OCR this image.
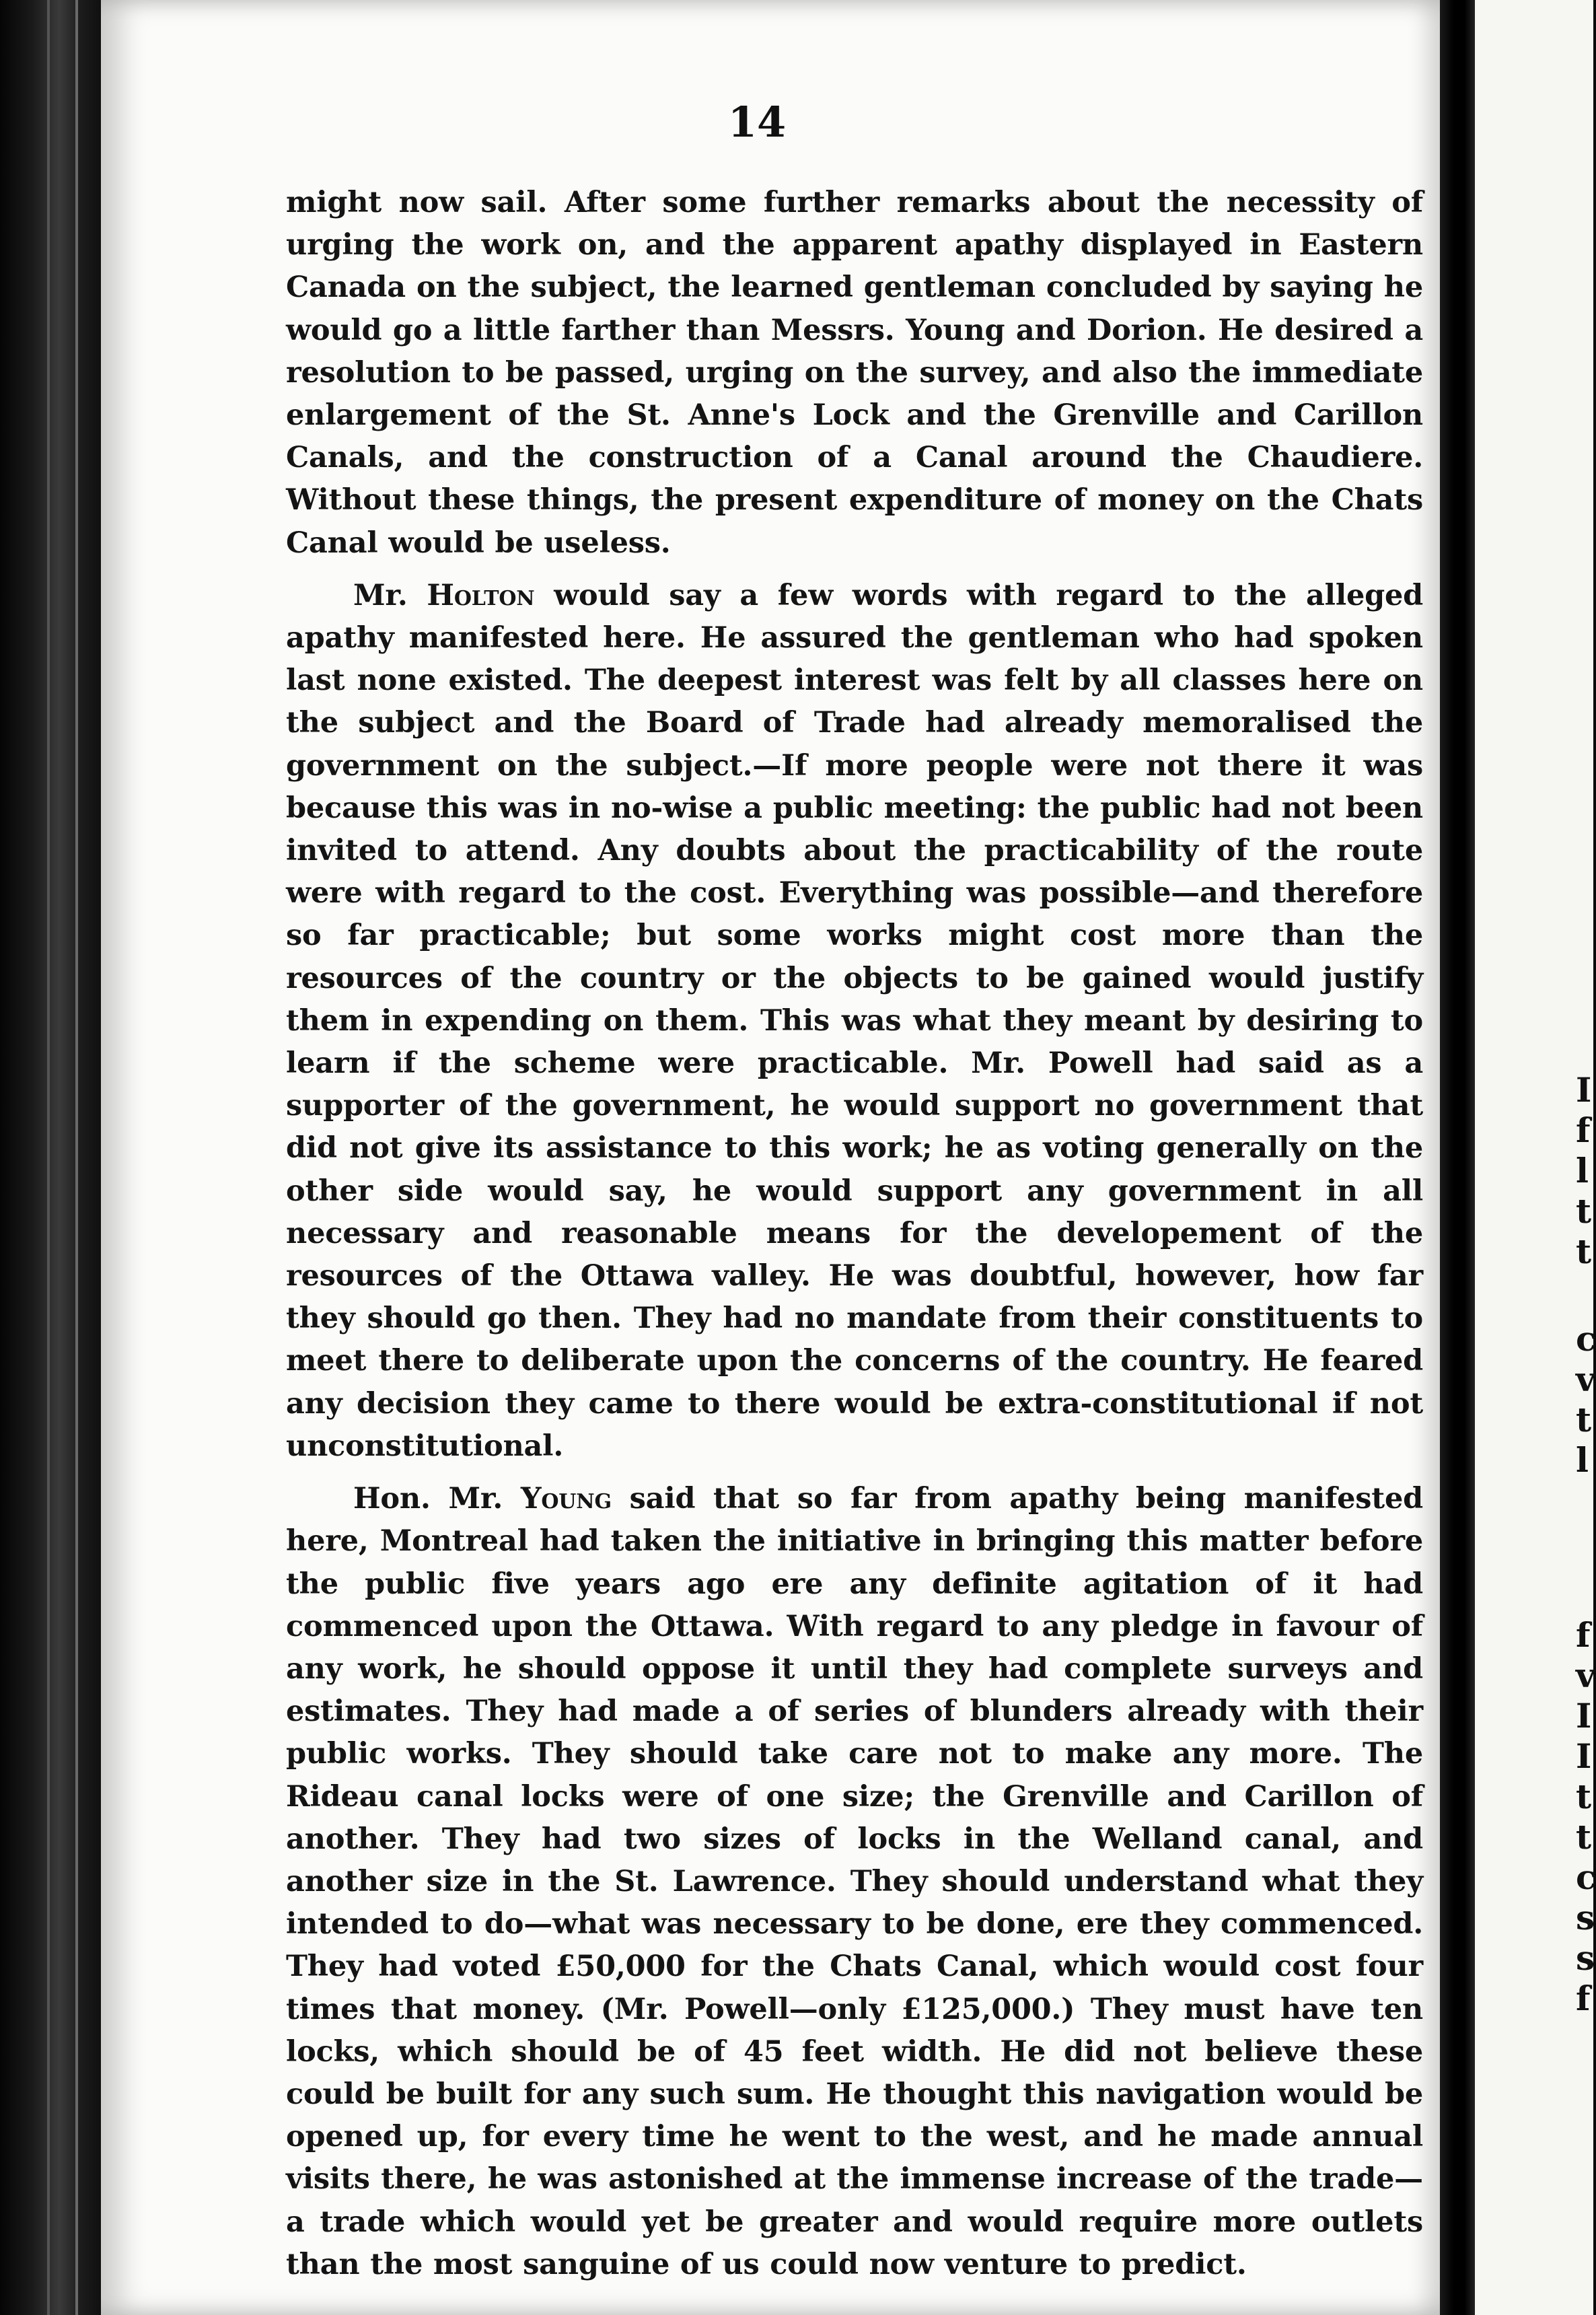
14

might now sail. After some further remarks about the necessity of urging the work on, and the apparent apathy displayed in Eastern Canada on the subject, the learned gentleman concluded by saying he would go a little farther than Messrs. Young and Dorion. He desired a resolution to be passed, urging on the survey, and also the immediate enlargement of the St. Anne's Lock and the Grenville and Carillon Canals, and the construction of a Canal around the Chaudiere. Without these things, the present expenditure of money on the Chats Canal would be useless.

Mr. Holton would say a few words with regard to the alleged apathy manifested here. He assured the gentleman who had spoken last none existed. The deepest interest was felt by all classes here on the subject and the Board of Trade had already memoralised the government on the subject.—If more people were not there it was because this was in no-wise a public meeting: the public had not been invited to attend. Any doubts about the practicability of the route were with regard to the cost. Everything was possible—and therefore so far practicable; but some works might cost more than the resources of the country or the objects to be gained would justify them in expending on them. This was what they meant by desiring to learn if the scheme were practicable. Mr. Powell had said as a supporter of the government, he would support no government that did not give its assistance to this work; he as voting generally on the other side would say, he would support any government in all necessary and reasonable means for the developement of the resources of the Ottawa valley. He was doubtful, however, how far they should go then. They had no mandate from their constituents to meet there to deliberate upon the concerns of the country. He feared any decision they came to there would be extra-constitutional if not unconstitutional.

Hon. Mr. Young said that so far from apathy being manifested here, Montreal had taken the initiative in bringing this matter before the public five years ago ere any definite agitation of it had commenced upon the Ottawa. With regard to any pledge in favour of any work, he should oppose it until they had complete surveys and estimates. They had made a of series of blunders already with their public works. They should take care not to make any more. The Rideau canal locks were of one size; the Grenville and Carillon of another. They had two sizes of locks in the Welland canal, and another size in the St. Lawrence. They should understand what they intended to do—what was necessary to be done, ere they commenced. They had voted £50,000 for the Chats Canal, which would cost four times that money. (Mr. Powell—only £125,000.) They must have ten locks, which should be of 45 feet width. He did not believe these could be built for any such sum. He thought this navigation would be opened up, for every time he went to the west, and he made annual visits there, he was astonished at the immense increase of the trade—a trade which would yet be greater and would require more outlets than the most sanguine of us could now venture to predict.

I
f
l
t
t
c
v
t
l
f
v
I
I
t
t
c
s
s
f
